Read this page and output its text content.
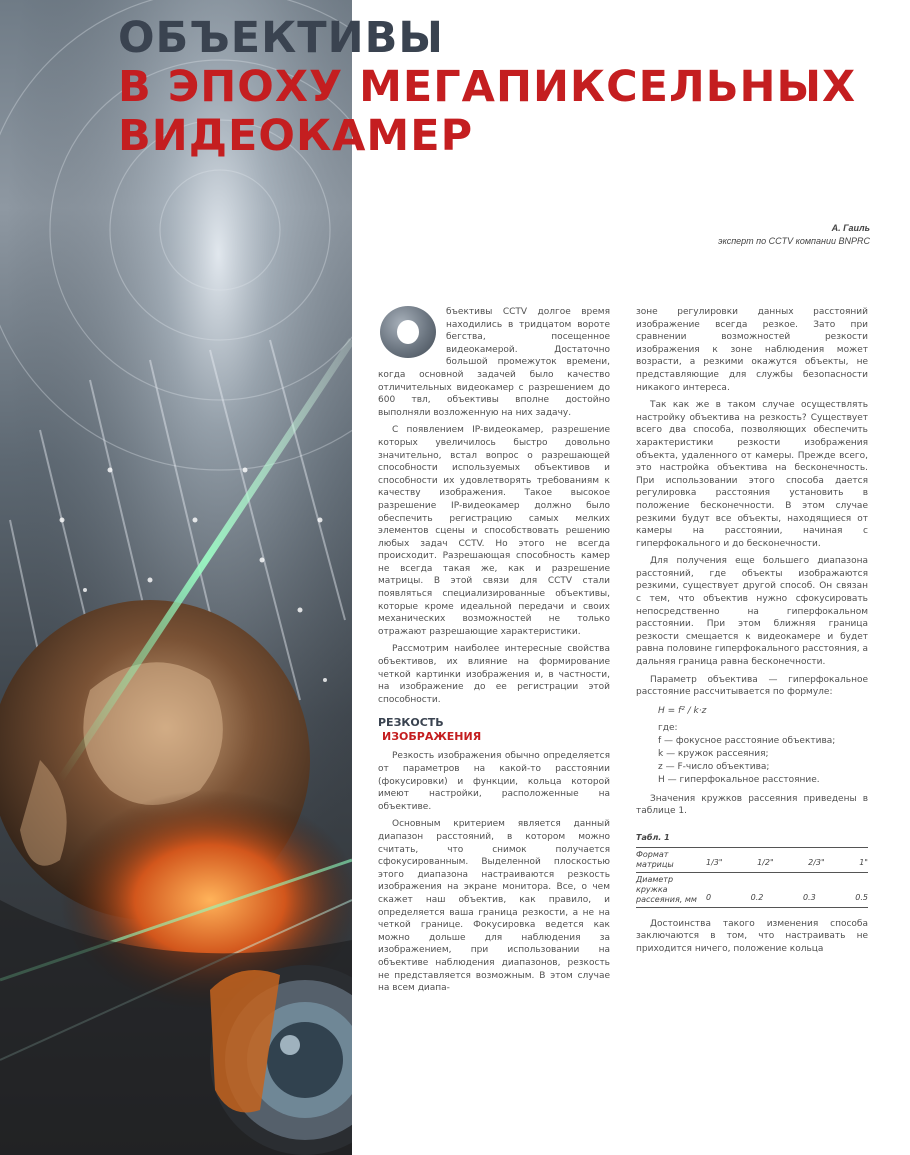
ОБЪЕКТИВЫ
В ЭПОХУ МЕГАПИКСЕЛЬНЫХ
ВИДЕОКАМЕР
А. Гаиль
эксперт по CCTV компании BNPRC

бъективы CCTV долгое время находились в тридцатом вороте бегства, посещенное видеокамерой. Достаточно большой промежуток времени, когда основной задачей было качество отличительных видеокамер с разрешением до 600 твл, объективы вполне достойно выполняли возложенную на них задачу.

С появлением IP-видеокамер, разрешение которых увеличилось быстро довольно значительно, встал вопрос о разрешающей способности используемых объективов и способности их удовлетворять требованиям к качеству изображения. Такое высокое разрешение IP-видеокамер должно было обеспечить регистрацию самых мелких элементов сцены и способствовать решению любых задач CCTV. Но этого не всегда происходит. Разрешающая способность камер не всегда такая же, как и разрешение матрицы. В этой связи для CCTV стали появляться специализированные объективы, которые кроме идеальной передачи и своих механических возможностей не только отражают разрешающие характеристики.

Рассмотрим наиболее интересные свойства объективов, их влияние на формирование четкой картинки изображения и, в частности, на изображение до ее регистрации этой способности.

РЕЗКОСТЬ
ИЗОБРАЖЕНИЯ

Резкость изображения обычно определяется от параметров на какой-то расстоянии (фокусировки) и функции, кольца которой имеют настройки, расположенные на объективе.

Основным критерием является данный диапазон расстояний, в котором можно считать, что снимок получается сфокусированным. Выделенной плоскостью этого диапазона настраиваются резкость изображения на экране монитора. Все, о чем скажет наш объектив, как правило, и определяется ваша граница резкости, а не на четкой границе. Фокусировка ведется как можно дольше для наблюдения за изображением, при использовании на объективе наблюдения диапазонов, резкость не представляется возможным. В этом случае на всем диапа-

зоне регулировки данных расстояний изображение всегда резкое. Зато при сравнении возможностей резкости изображения к зоне наблюдения может возрасти, а резкими окажутся объекты, не представляющие для службы безопасности никакого интереса.

Так как же в таком случае осуществлять настройку объектива на резкость? Существует всего два способа, позволяющих обеспечить характеристики резкости изображения объекта, удаленного от камеры. Прежде всего, это настройка объектива на бесконечность. При использовании этого способа дается регулировка расстояния установить в положение бесконечности. В этом случае резкими будут все объекты, находящиеся от камеры на расстоянии, начиная с гиперфокального и до бесконечности.

Для получения еще большего диапазона расстояний, где объекты изображаются резкими, существует другой способ. Он связан с тем, что объектив нужно сфокусировать непосредственно на гиперфокальном расстоянии. При этом ближняя граница резкости смещается к видеокамере и будет равна половине гиперфокального расстояния, а дальняя граница равна бесконечности.

Параметр объектива — гиперфокальное расстояние рассчитывается по формуле:

H = f² / k·z
где:
f — фокусное расстояние объектива;
k — кружок рассеяния;
z — F-число объектива;
H — гиперфокальное расстояние.

Значения кружков рассеяния приведены в таблице 1.

Табл. 1
Формат матрицы	1/3"	1/2"	2/3"	1"
Диаметр кружка рассеяния, мм	0	0.2	0.3	0.5

Достоинства такого изменения способа заключаются в том, что настраивать не приходится ничего, положение кольца
